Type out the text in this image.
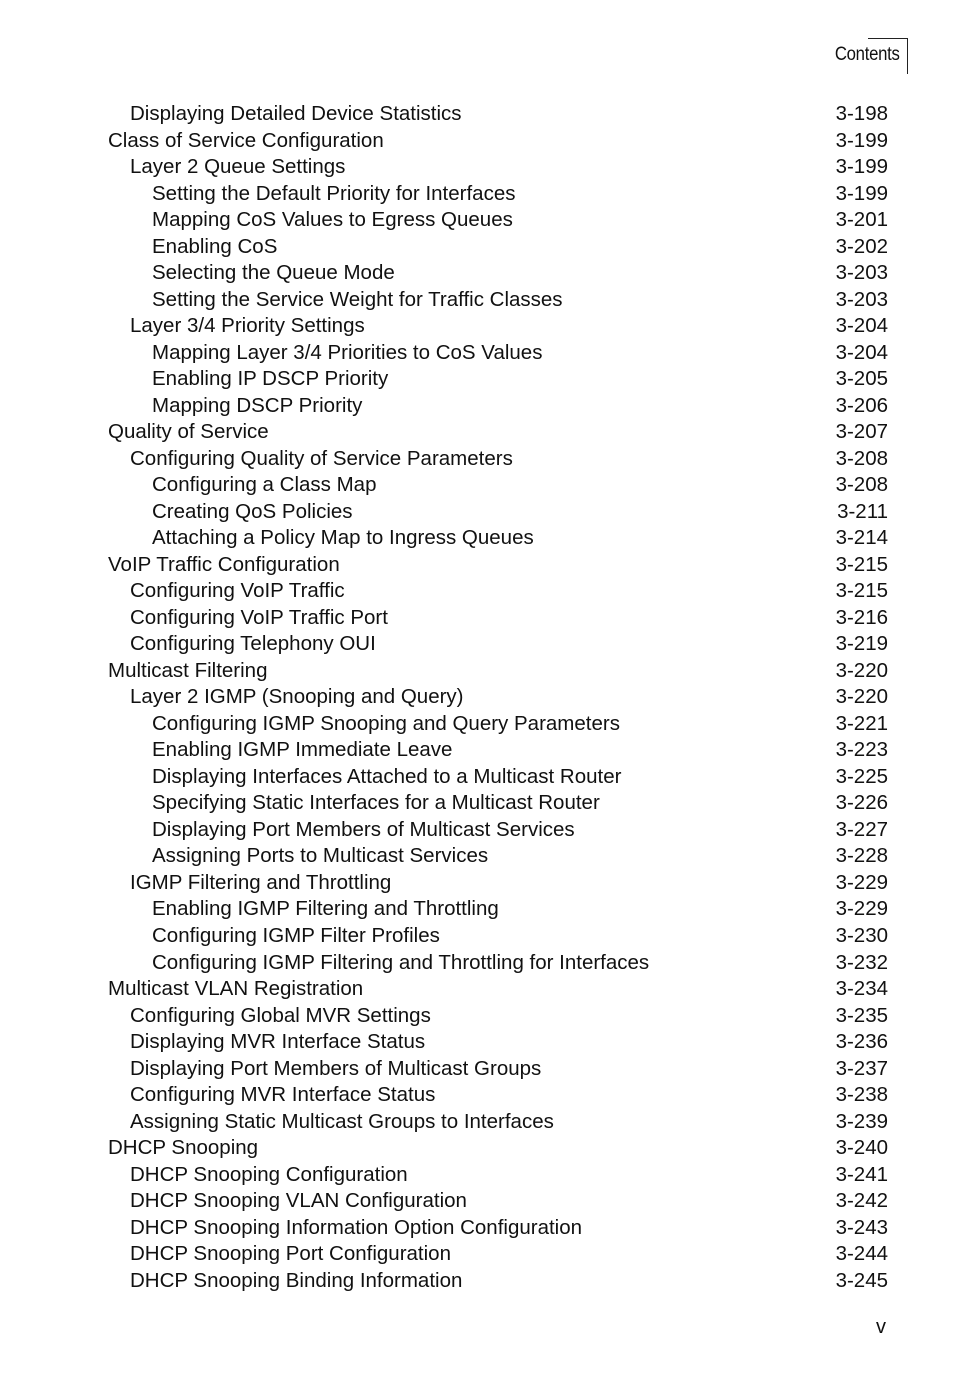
Contents
Displaying Detailed Device Statistics	3-198
Class of Service Configuration	3-199
Layer 2 Queue Settings	3-199
Setting the Default Priority for Interfaces	3-199
Mapping CoS Values to Egress Queues	3-201
Enabling CoS	3-202
Selecting the Queue Mode	3-203
Setting the Service Weight for Traffic Classes	3-203
Layer 3/4 Priority Settings	3-204
Mapping Layer 3/4 Priorities to CoS Values	3-204
Enabling IP DSCP Priority	3-205
Mapping DSCP Priority	3-206
Quality of Service	3-207
Configuring Quality of Service Parameters	3-208
Configuring a Class Map	3-208
Creating QoS Policies	3-211
Attaching a Policy Map to Ingress Queues	3-214
VoIP Traffic Configuration	3-215
Configuring VoIP Traffic	3-215
Configuring VoIP Traffic Port	3-216
Configuring Telephony OUI	3-219
Multicast Filtering	3-220
Layer 2 IGMP (Snooping and Query)	3-220
Configuring IGMP Snooping and Query Parameters	3-221
Enabling IGMP Immediate Leave	3-223
Displaying Interfaces Attached to a Multicast Router	3-225
Specifying Static Interfaces for a Multicast Router	3-226
Displaying Port Members of Multicast Services	3-227
Assigning Ports to Multicast Services	3-228
IGMP Filtering and Throttling	3-229
Enabling IGMP Filtering and Throttling	3-229
Configuring IGMP Filter Profiles	3-230
Configuring IGMP Filtering and Throttling for Interfaces	3-232
Multicast VLAN Registration	3-234
Configuring Global MVR Settings	3-235
Displaying MVR Interface Status	3-236
Displaying Port Members of Multicast Groups	3-237
Configuring MVR Interface Status	3-238
Assigning Static Multicast Groups to Interfaces	3-239
DHCP Snooping	3-240
DHCP Snooping Configuration	3-241
DHCP Snooping VLAN Configuration	3-242
DHCP Snooping Information Option Configuration	3-243
DHCP Snooping Port Configuration	3-244
DHCP Snooping Binding Information	3-245
v
